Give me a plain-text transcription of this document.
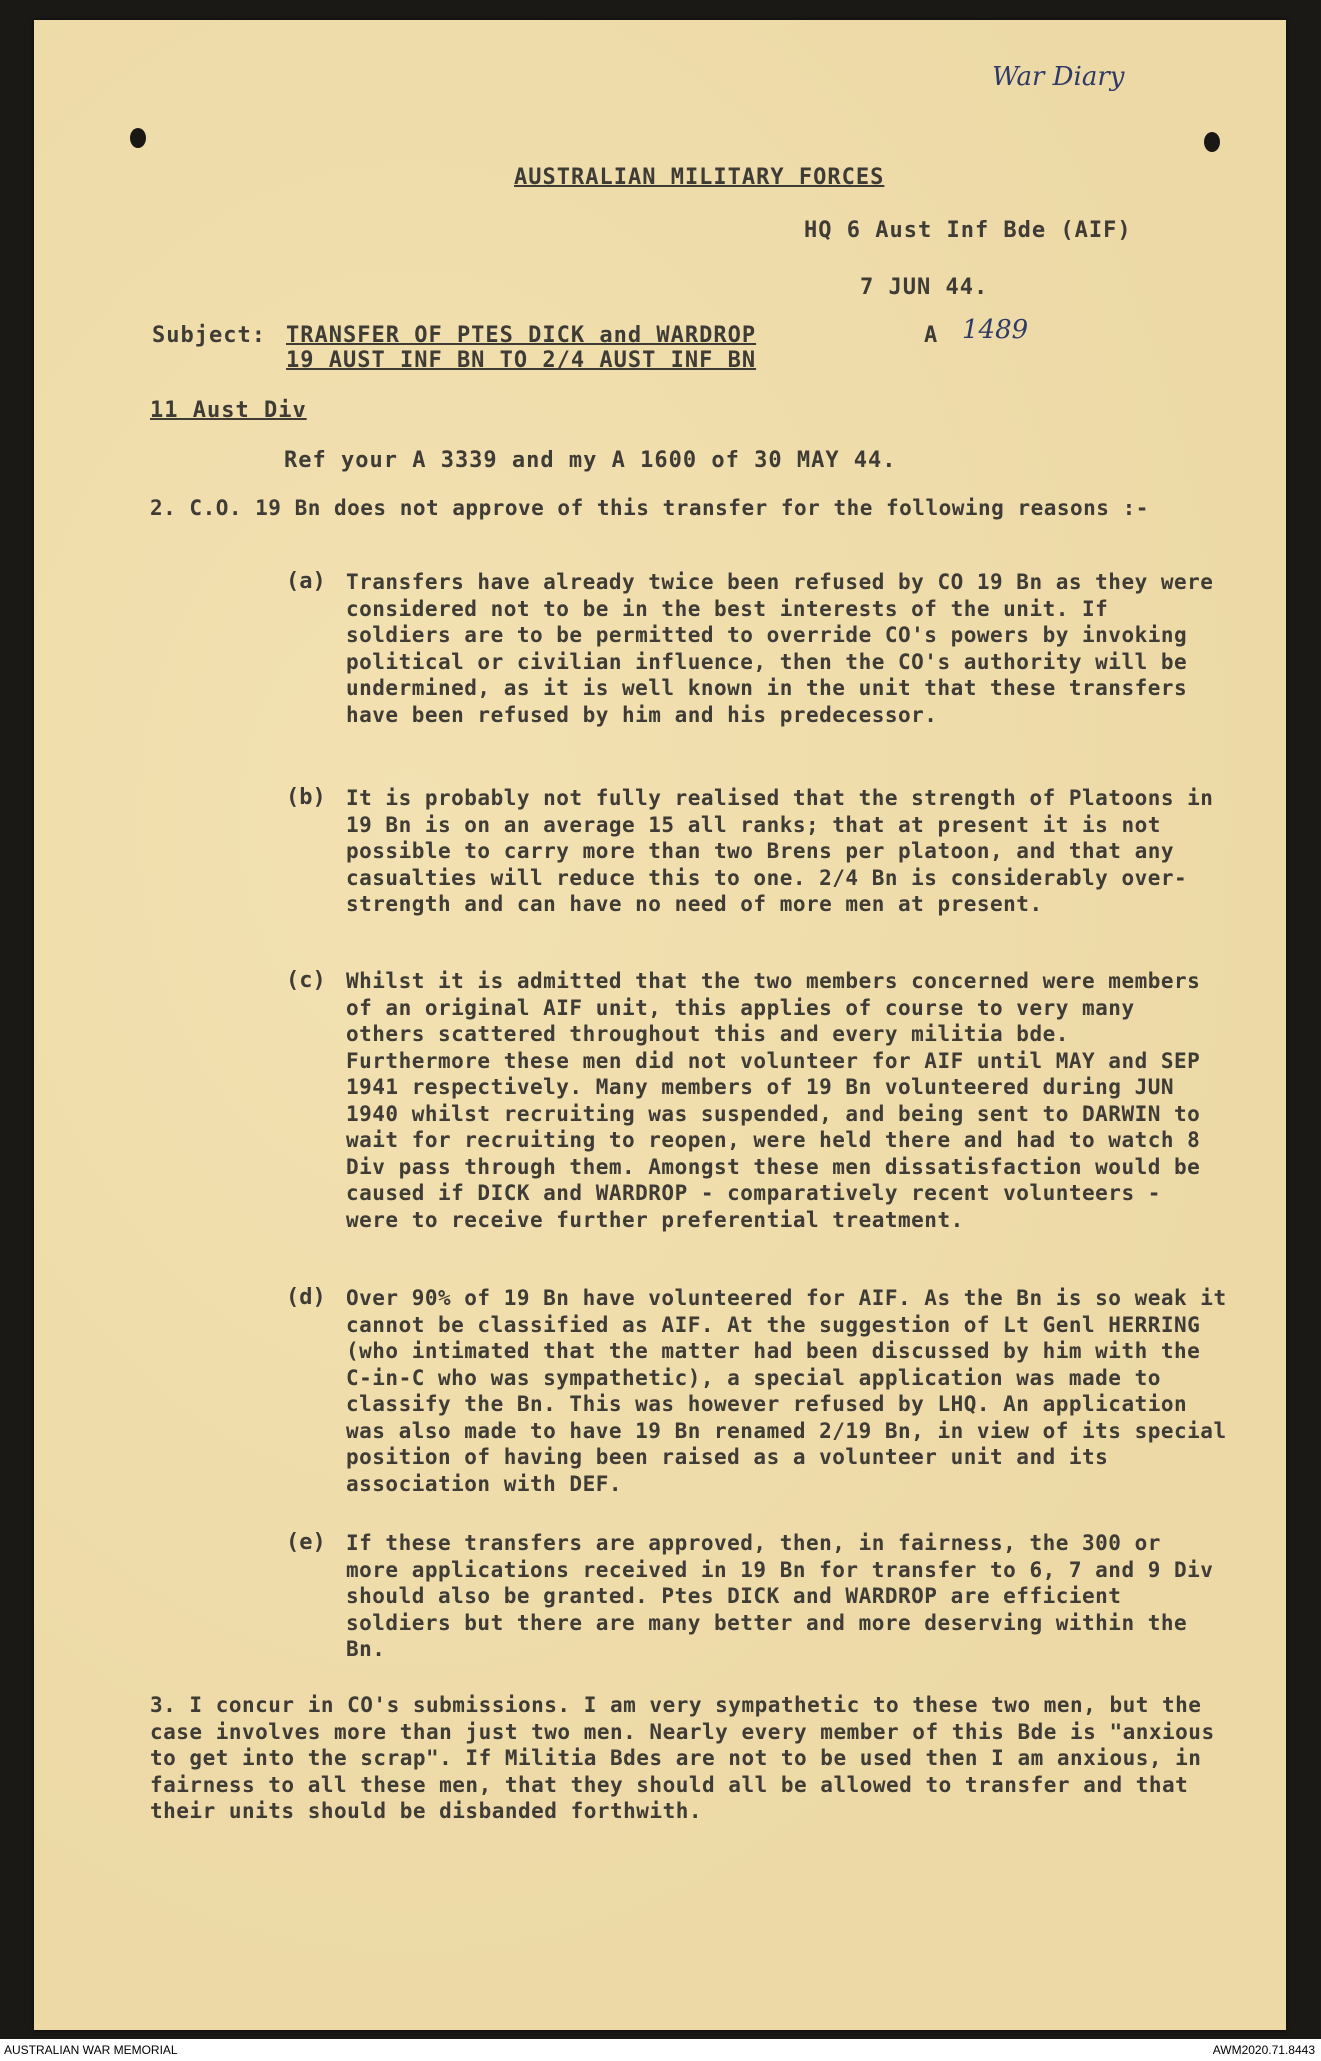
War Diary
AUSTRALIAN MILITARY FORCES
HQ 6 Aust Inf Bde (AIF)
7 JUN 44.
Subject: TRANSFER OF PTES DICK and WARDROP
19 AUST INF BN TO 2/4 AUST INF BN
A 1489
11 Aust Div
Ref your A 3339 and my A 1600 of 30 MAY 44.
2. C.O. 19 Bn does not approve of this transfer for the following reasons :-
(a) Transfers have already twice been refused by CO 19 Bn as they were considered not to be in the best interests of the unit. If soldiers are to be permitted to override CO's powers by invoking political or civilian influence, then the CO's authority will be undermined, as it is well known in the unit that these transfers have been refused by him and his predecessor.
(b) It is probably not fully realised that the strength of Platoons in 19 Bn is on an average 15 all ranks; that at present it is not possible to carry more than two Brens per platoon, and that any casualties will reduce this to one. 2/4 Bn is considerably over-strength and can have no need of more men at present.
(c) Whilst it is admitted that the two members concerned were members of an original AIF unit, this applies of course to very many others scattered throughout this and every militia bde. Furthermore these men did not volunteer for AIF until MAY and SEP 1941 respectively. Many members of 19 Bn volunteered during JUN 1940 whilst recruiting was suspended, and being sent to DARWIN to wait for recruiting to reopen, were held there and had to watch 8 Div pass through them. Amongst these men dissatisfaction would be caused if DICK and WARDROP - comparatively recent volunteers - were to receive further preferential treatment.
(d) Over 90% of 19 Bn have volunteered for AIF. As the Bn is so weak it cannot be classified as AIF. At the suggestion of Lt Genl HERRING (who intimated that the matter had been discussed by him with the C-in-C who was sympathetic), a special application was made to classify the Bn. This was however refused by LHQ. An application was also made to have 19 Bn renamed 2/19 Bn, in view of its special position of having been raised as a volunteer unit and its association with DEF.
(e) If these transfers are approved, then, in fairness, the 300 or more applications received in 19 Bn for transfer to 6, 7 and 9 Div should also be granted. Ptes DICK and WARDROP are efficient soldiers but there are many better and more deserving within the Bn.
3. I concur in CO's submissions. I am very sympathetic to these two men, but the case involves more than just two men. Nearly every member of this Bde is "anxious to get into the scrap". If Militia Bdes are not to be used then I am anxious, in fairness to all these men, that they should all be allowed to transfer and that their units should be disbanded forthwith.
AUSTRALIAN WAR MEMORIAL	AWM2020.71.8443
